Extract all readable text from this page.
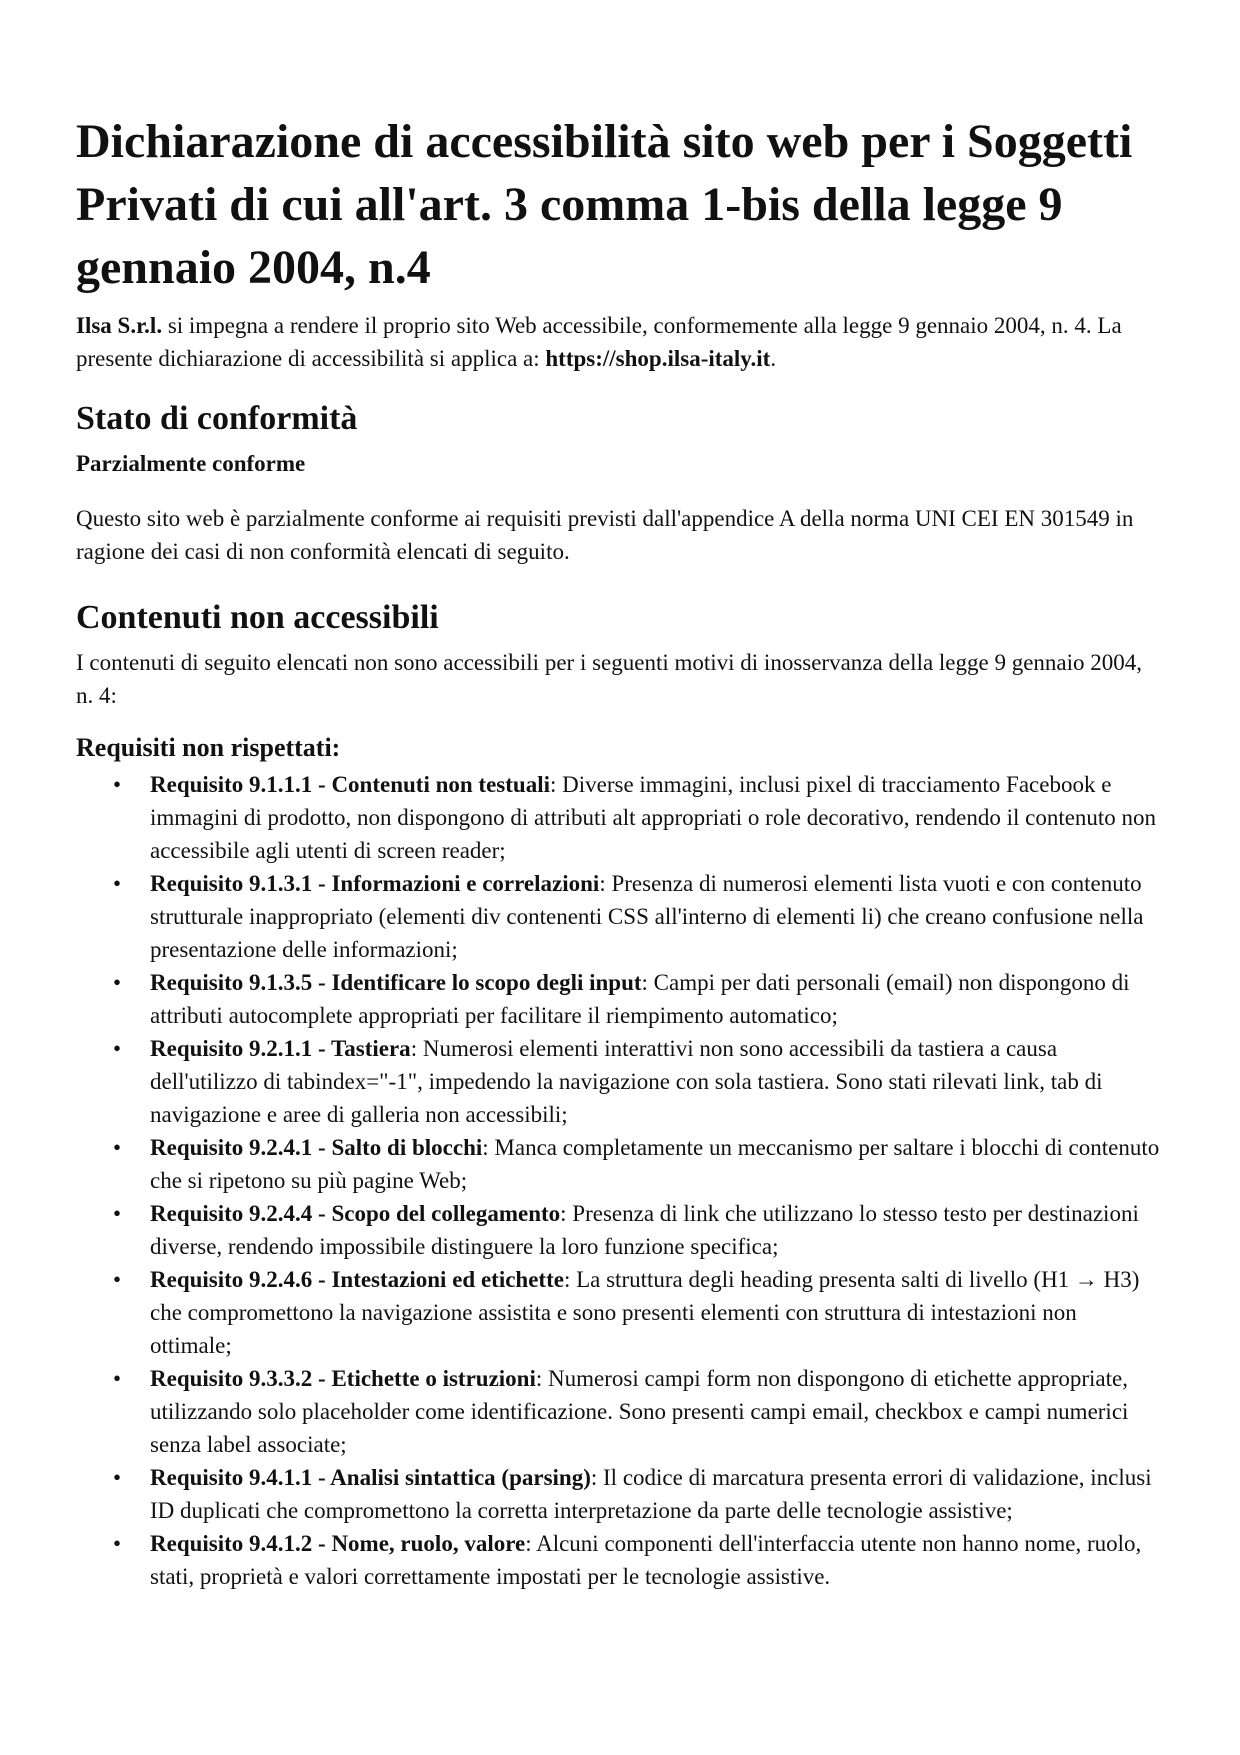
Dichiarazione di accessibilità sito web per i Soggetti Privati di cui all'art. 3 comma 1-bis della legge 9 gennaio 2004, n.4

Ilsa S.r.l. si impegna a rendere il proprio sito Web accessibile, conformemente alla legge 9 gennaio 2004, n. 4. La presente dichiarazione di accessibilità si applica a: https://shop.ilsa-italy.it.

Stato di conformità

Parzialmente conforme

Questo sito web è parzialmente conforme ai requisiti previsti dall'appendice A della norma UNI CEI EN 301549 in ragione dei casi di non conformità elencati di seguito.

Contenuti non accessibili

I contenuti di seguito elencati non sono accessibili per i seguenti motivi di inosservanza della legge 9 gennaio 2004, n. 4:

Requisiti non rispettati:
• Requisito 9.1.1.1 - Contenuti non testuali: Diverse immagini, inclusi pixel di tracciamento Facebook e immagini di prodotto, non dispongono di attributi alt appropriati o role decorativo, rendendo il contenuto non accessibile agli utenti di screen reader;
• Requisito 9.1.3.1 - Informazioni e correlazioni: Presenza di numerosi elementi lista vuoti e con contenuto strutturale inappropriato (elementi div contenenti CSS all'interno di elementi li) che creano confusione nella presentazione delle informazioni;
• Requisito 9.1.3.5 - Identificare lo scopo degli input: Campi per dati personali (email) non dispongono di attributi autocomplete appropriati per facilitare il riempimento automatico;
• Requisito 9.2.1.1 - Tastiera: Numerosi elementi interattivi non sono accessibili da tastiera a causa dell'utilizzo di tabindex="-1", impedendo la navigazione con sola tastiera. Sono stati rilevati link, tab di navigazione e aree di galleria non accessibili;
• Requisito 9.2.4.1 - Salto di blocchi: Manca completamente un meccanismo per saltare i blocchi di contenuto che si ripetono su più pagine Web;
• Requisito 9.2.4.4 - Scopo del collegamento: Presenza di link che utilizzano lo stesso testo per destinazioni diverse, rendendo impossibile distinguere la loro funzione specifica;
• Requisito 9.2.4.6 - Intestazioni ed etichette: La struttura degli heading presenta salti di livello (H1 → H3) che compromettono la navigazione assistita e sono presenti elementi con struttura di intestazioni non ottimale;
• Requisito 9.3.3.2 - Etichette o istruzioni: Numerosi campi form non dispongono di etichette appropriate, utilizzando solo placeholder come identificazione. Sono presenti campi email, checkbox e campi numerici senza label associate;
• Requisito 9.4.1.1 - Analisi sintattica (parsing): Il codice di marcatura presenta errori di validazione, inclusi ID duplicati che compromettono la corretta interpretazione da parte delle tecnologie assistive;
• Requisito 9.4.1.2 - Nome, ruolo, valore: Alcuni componenti dell'interfaccia utente non hanno nome, ruolo, stati, proprietà e valori correttamente impostati per le tecnologie assistive.
